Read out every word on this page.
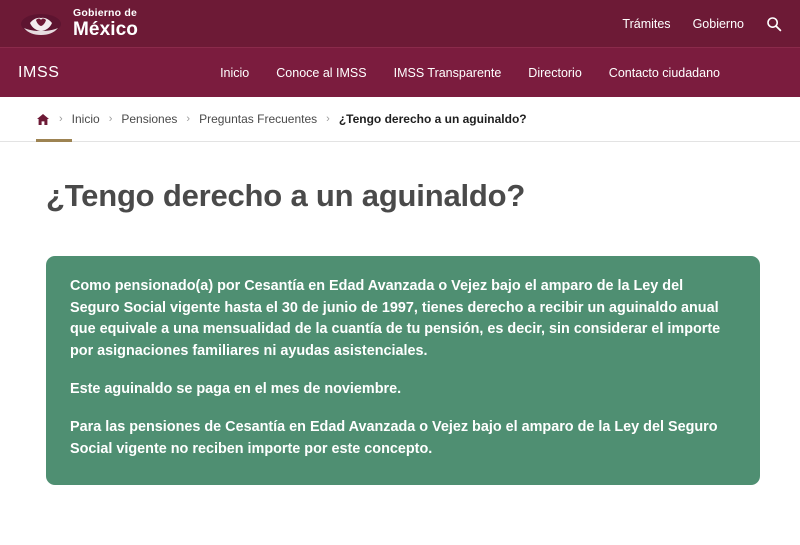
Gobierno de
México	Trámites Gobierno
IMSS	Inicio Conoce al IMSS IMSS Transparente Directorio Contacto ciudadano
› Inicio › Pensiones › Preguntas Frecuentes › ¿Tengo derecho a un aguinaldo?
¿Tengo derecho a un aguinaldo?

Como pensionado(a) por Cesantía en Edad Avanzada o Vejez bajo el amparo de la Ley del Seguro Social vigente hasta el 30 de junio de 1997, tienes derecho a recibir un aguinaldo anual que equivale a una mensualidad de la cuantía de tu pensión, es decir, sin considerar el importe por asignaciones familiares ni ayudas asistenciales.

Este aguinaldo se paga en el mes de noviembre.

Para las pensiones de Cesantía en Edad Avanzada o Vejez bajo el amparo de la Ley del Seguro Social vigente no reciben importe por este concepto.
